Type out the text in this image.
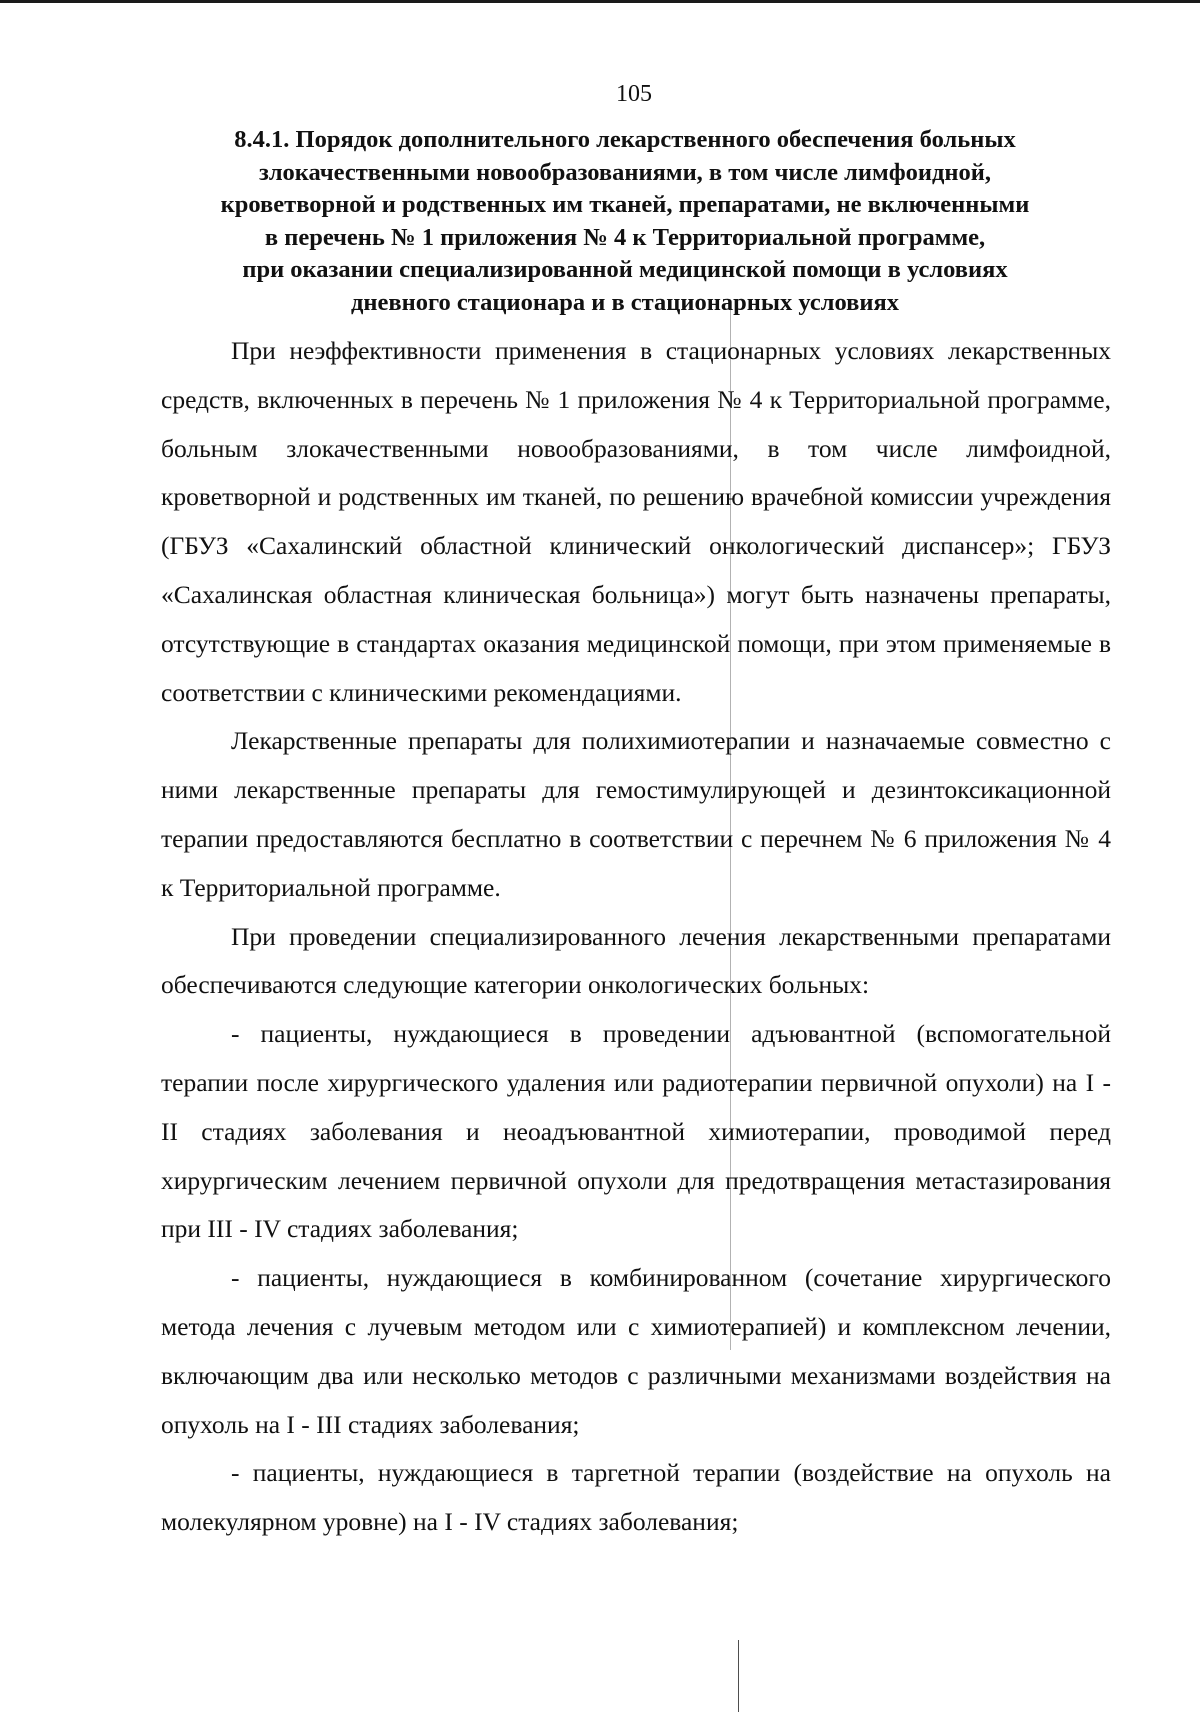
105
8.4.1. Порядок дополнительного лекарственного обеспечения больных
злокачественными новообразованиями, в том числе лимфоидной,
кроветворной и родственных им тканей, препаратами, не включенными
в перечень № 1 приложения № 4 к Территориальной программе,
при оказании специализированной медицинской помощи в условиях
дневного стационара и в стационарных условиях

При неэффективности применения в стационарных условиях лекарственных средств, включенных в перечень № 1 приложения № 4 к Территориальной программе, больным злокачественными новообразованиями, в том числе лимфоидной, кроветворной и родственных им тканей, по решению врачебной комиссии учреждения (ГБУЗ «Сахалинский областной клинический онкологический диспансер»; ГБУЗ «Сахалинская областная клиническая больница») могут быть назначены препараты, отсутствующие в стандартах оказания медицинской помощи, при этом применяемые в соответствии с клиническими рекомендациями.

Лекарственные препараты для полихимиотерапии и назначаемые совместно с ними лекарственные препараты для гемостимулирующей и дезинтоксикационной терапии предоставляются бесплатно в соответствии с перечнем № 6 приложения № 4 к Территориальной программе.

При проведении специализированного лечения лекарственными препаратами обеспечиваются следующие категории онкологических больных:

- пациенты, нуждающиеся в проведении адъювантной (вспомогательной терапии после хирургического удаления или радиотерапии первичной опухоли) на I - II стадиях заболевания и неоадъювантной химиотерапии, проводимой перед хирургическим лечением первичной опухоли для предотвращения метастазирования при III - IV стадиях заболевания;

- пациенты, нуждающиеся в комбинированном (сочетание хирургического метода лечения с лучевым методом или с химиотерапией) и комплексном лечении, включающим два или несколько методов с различными механизмами воздействия на опухоль на I - III стадиях заболевания;

- пациенты, нуждающиеся в таргетной терапии (воздействие на опухоль на молекулярном уровне) на I - IV стадиях заболевания;
